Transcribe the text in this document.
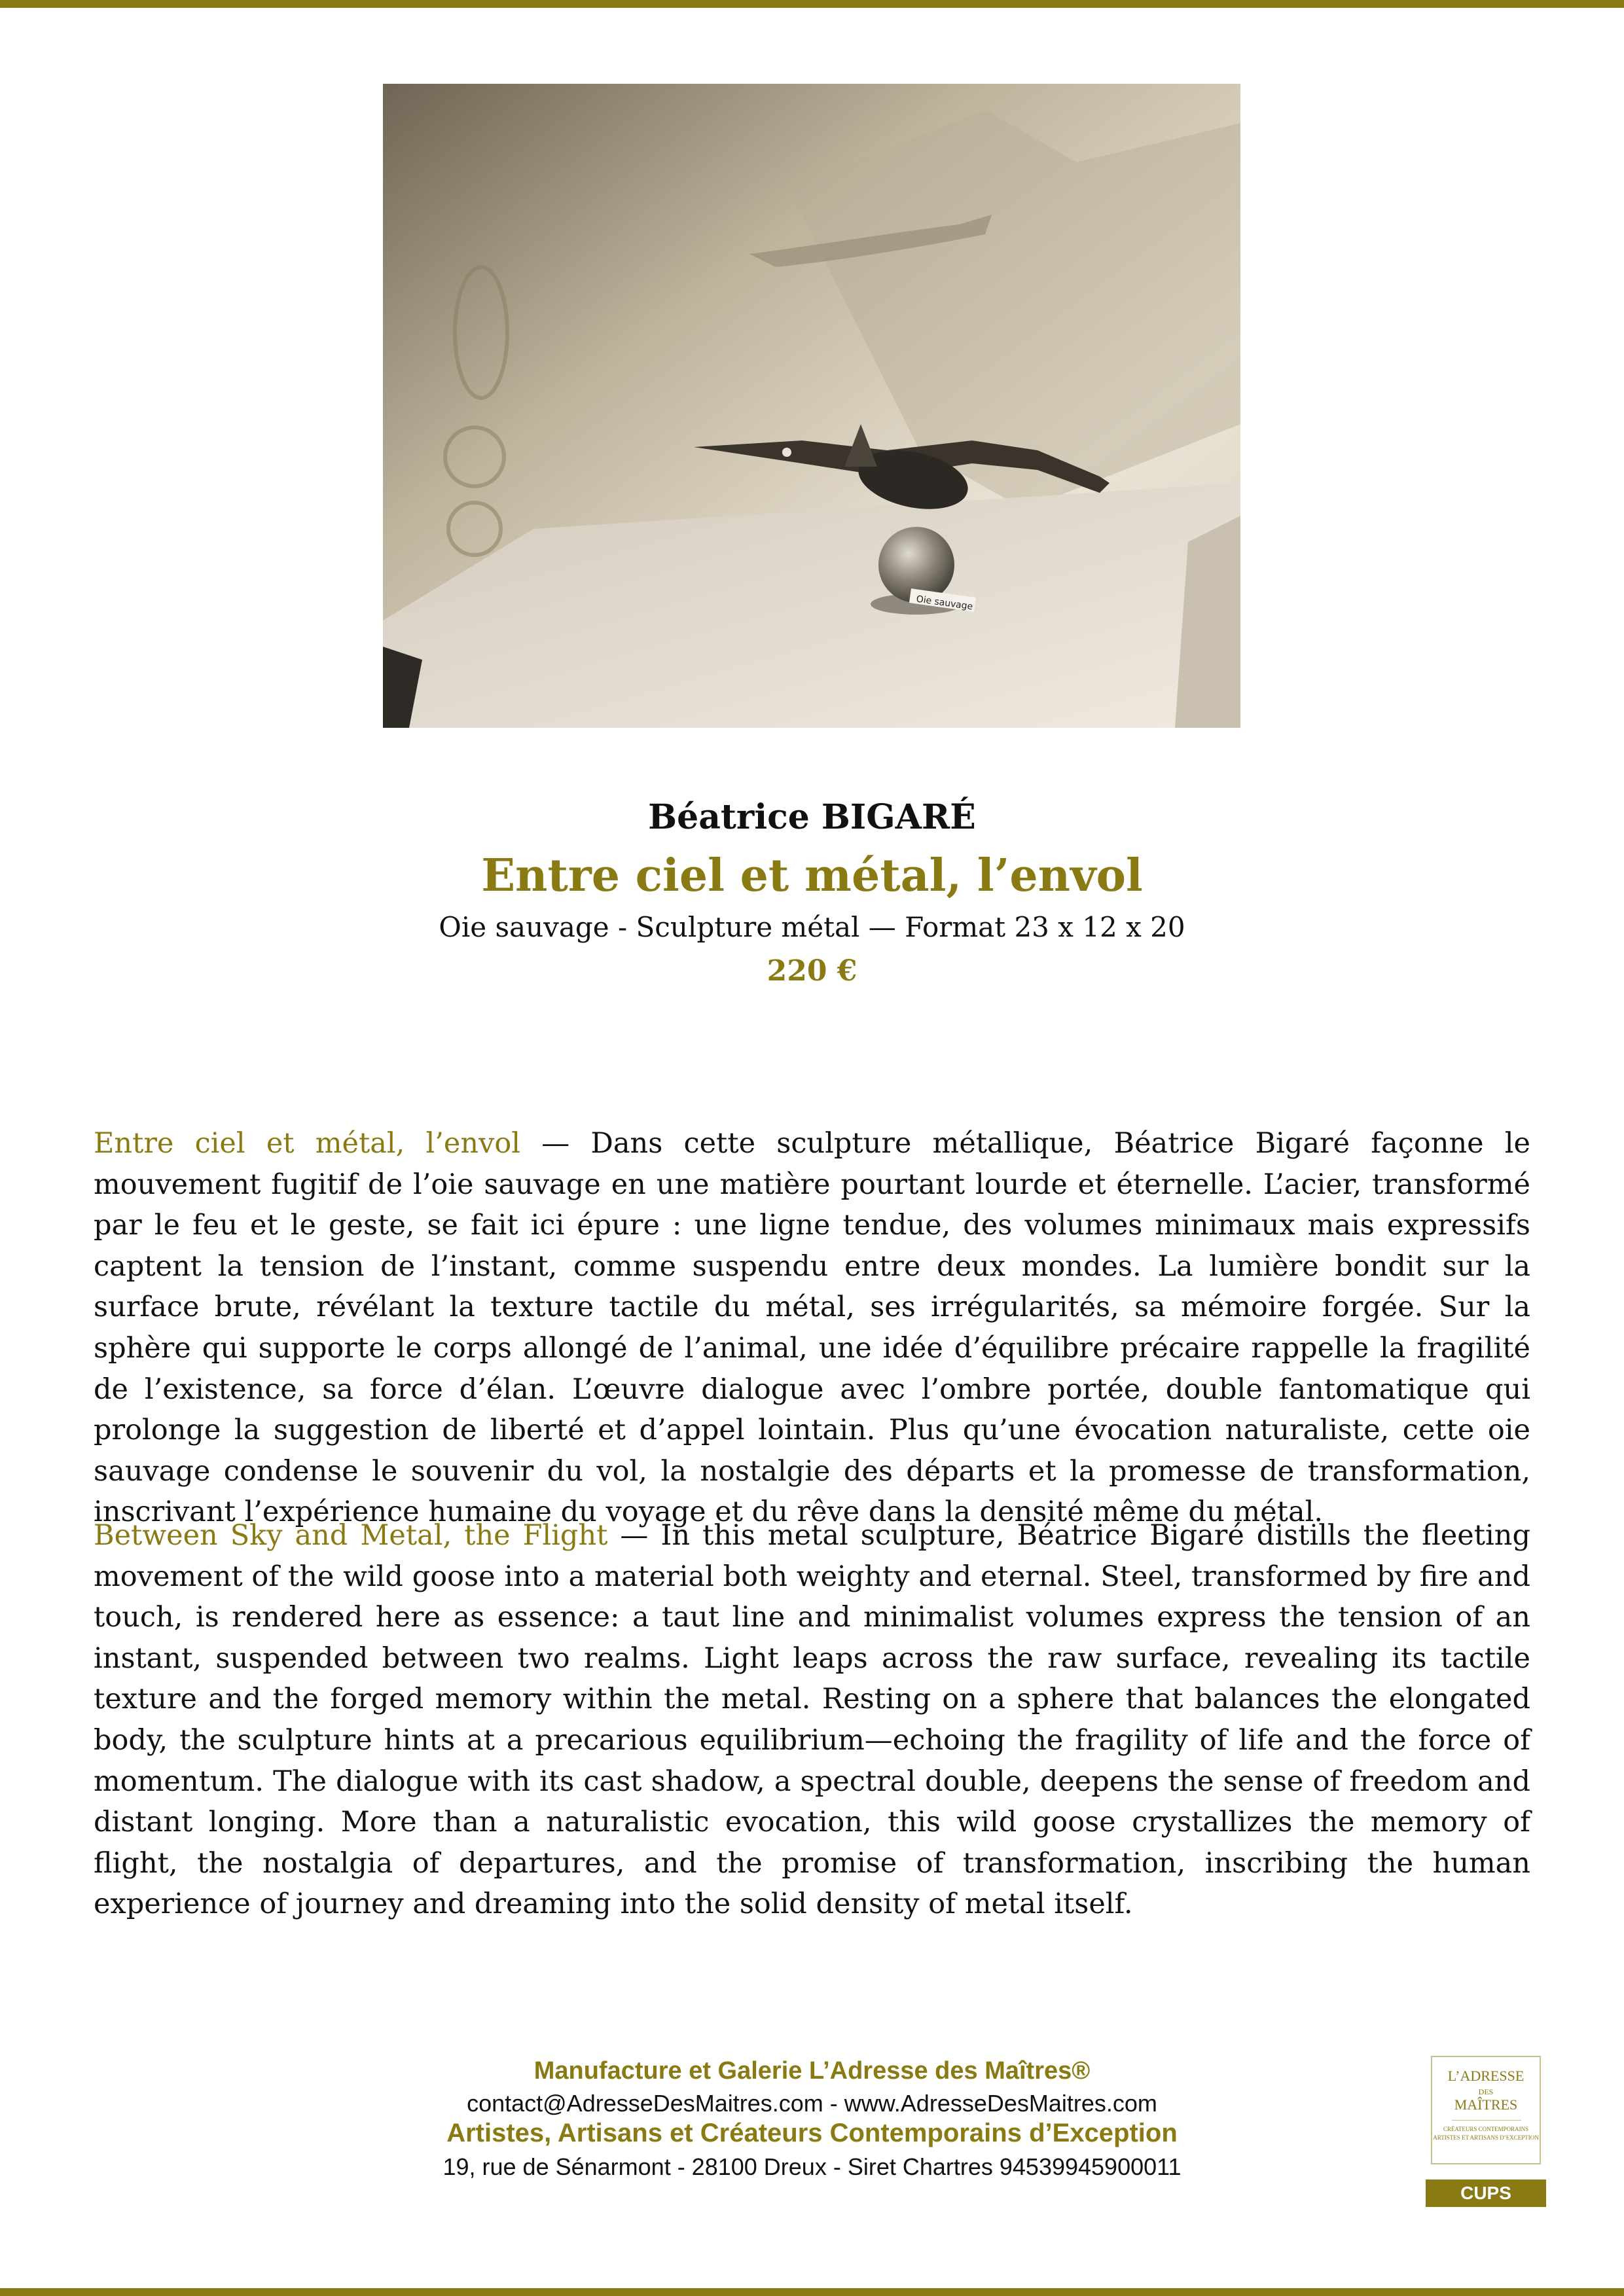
Oie sauvage
Béatrice BIGARÉ
Entre ciel et métal, l’envol
Oie sauvage - Sculpture métal — Format 23 x 12 x 20
220 €

Entre ciel et métal, l’envol — Dans cette sculpture métallique, Béatrice Bigaré façonne le mouvement fugitif de l’oie sauvage en une matière pourtant lourde et éternelle. L’acier, transformé par le feu et le geste, se fait ici épure : une ligne tendue, des volumes minimaux mais expressifs captent la tension de l’instant, comme suspendu entre deux mondes. La lumière bondit sur la surface brute, révélant la texture tactile du métal, ses irrégularités, sa mémoire forgée. Sur la sphère qui supporte le corps allongé de l’animal, une idée d’équilibre précaire rappelle la fragilité de l’existence, sa force d’élan. L’œuvre dialogue avec l’ombre portée, double fantomatique qui prolonge la suggestion de liberté et d’appel lointain. Plus qu’une évocation naturaliste, cette oie sauvage condense le souvenir du vol, la nostalgie des départs et la promesse de transformation, inscrivant l’expérience humaine du voyage et du rêve dans la densité même du métal.

Between Sky and Metal, the Flight — In this metal sculpture, Béatrice Bigaré distills the fleeting movement of the wild goose into a material both weighty and eternal. Steel, transformed by fire and touch, is rendered here as essence: a taut line and minimalist volumes express the tension of an instant, suspended between two realms. Light leaps across the raw surface, revealing its tactile texture and the forged memory within the metal. Resting on a sphere that balances the elongated body, the sculpture hints at a precarious equilibrium—echoing the fragility of life and the force of momentum. The dialogue with its cast shadow, a spectral double, deepens the sense of freedom and distant longing. More than a naturalistic evocation, this wild goose crystallizes the memory of flight, the nostalgia of departures, and the promise of transformation, inscribing the human experience of journey and dreaming into the solid density of metal itself.

Manufacture et Galerie L’Adresse des Maîtres®
contact@AdresseDesMaitres.com - www.AdresseDesMaitres.com
Artistes, Artisans et Créateurs Contemporains d’Exception
19, rue de Sénarmont - 28100 Dreux - Siret Chartres 94539945900011
L’ADRESSE
DES
MAÎTRES
CRÉATEURS CONTEMPORAINS ARTISTES ET ARTISANS D’EXCEPTION
CUPS
